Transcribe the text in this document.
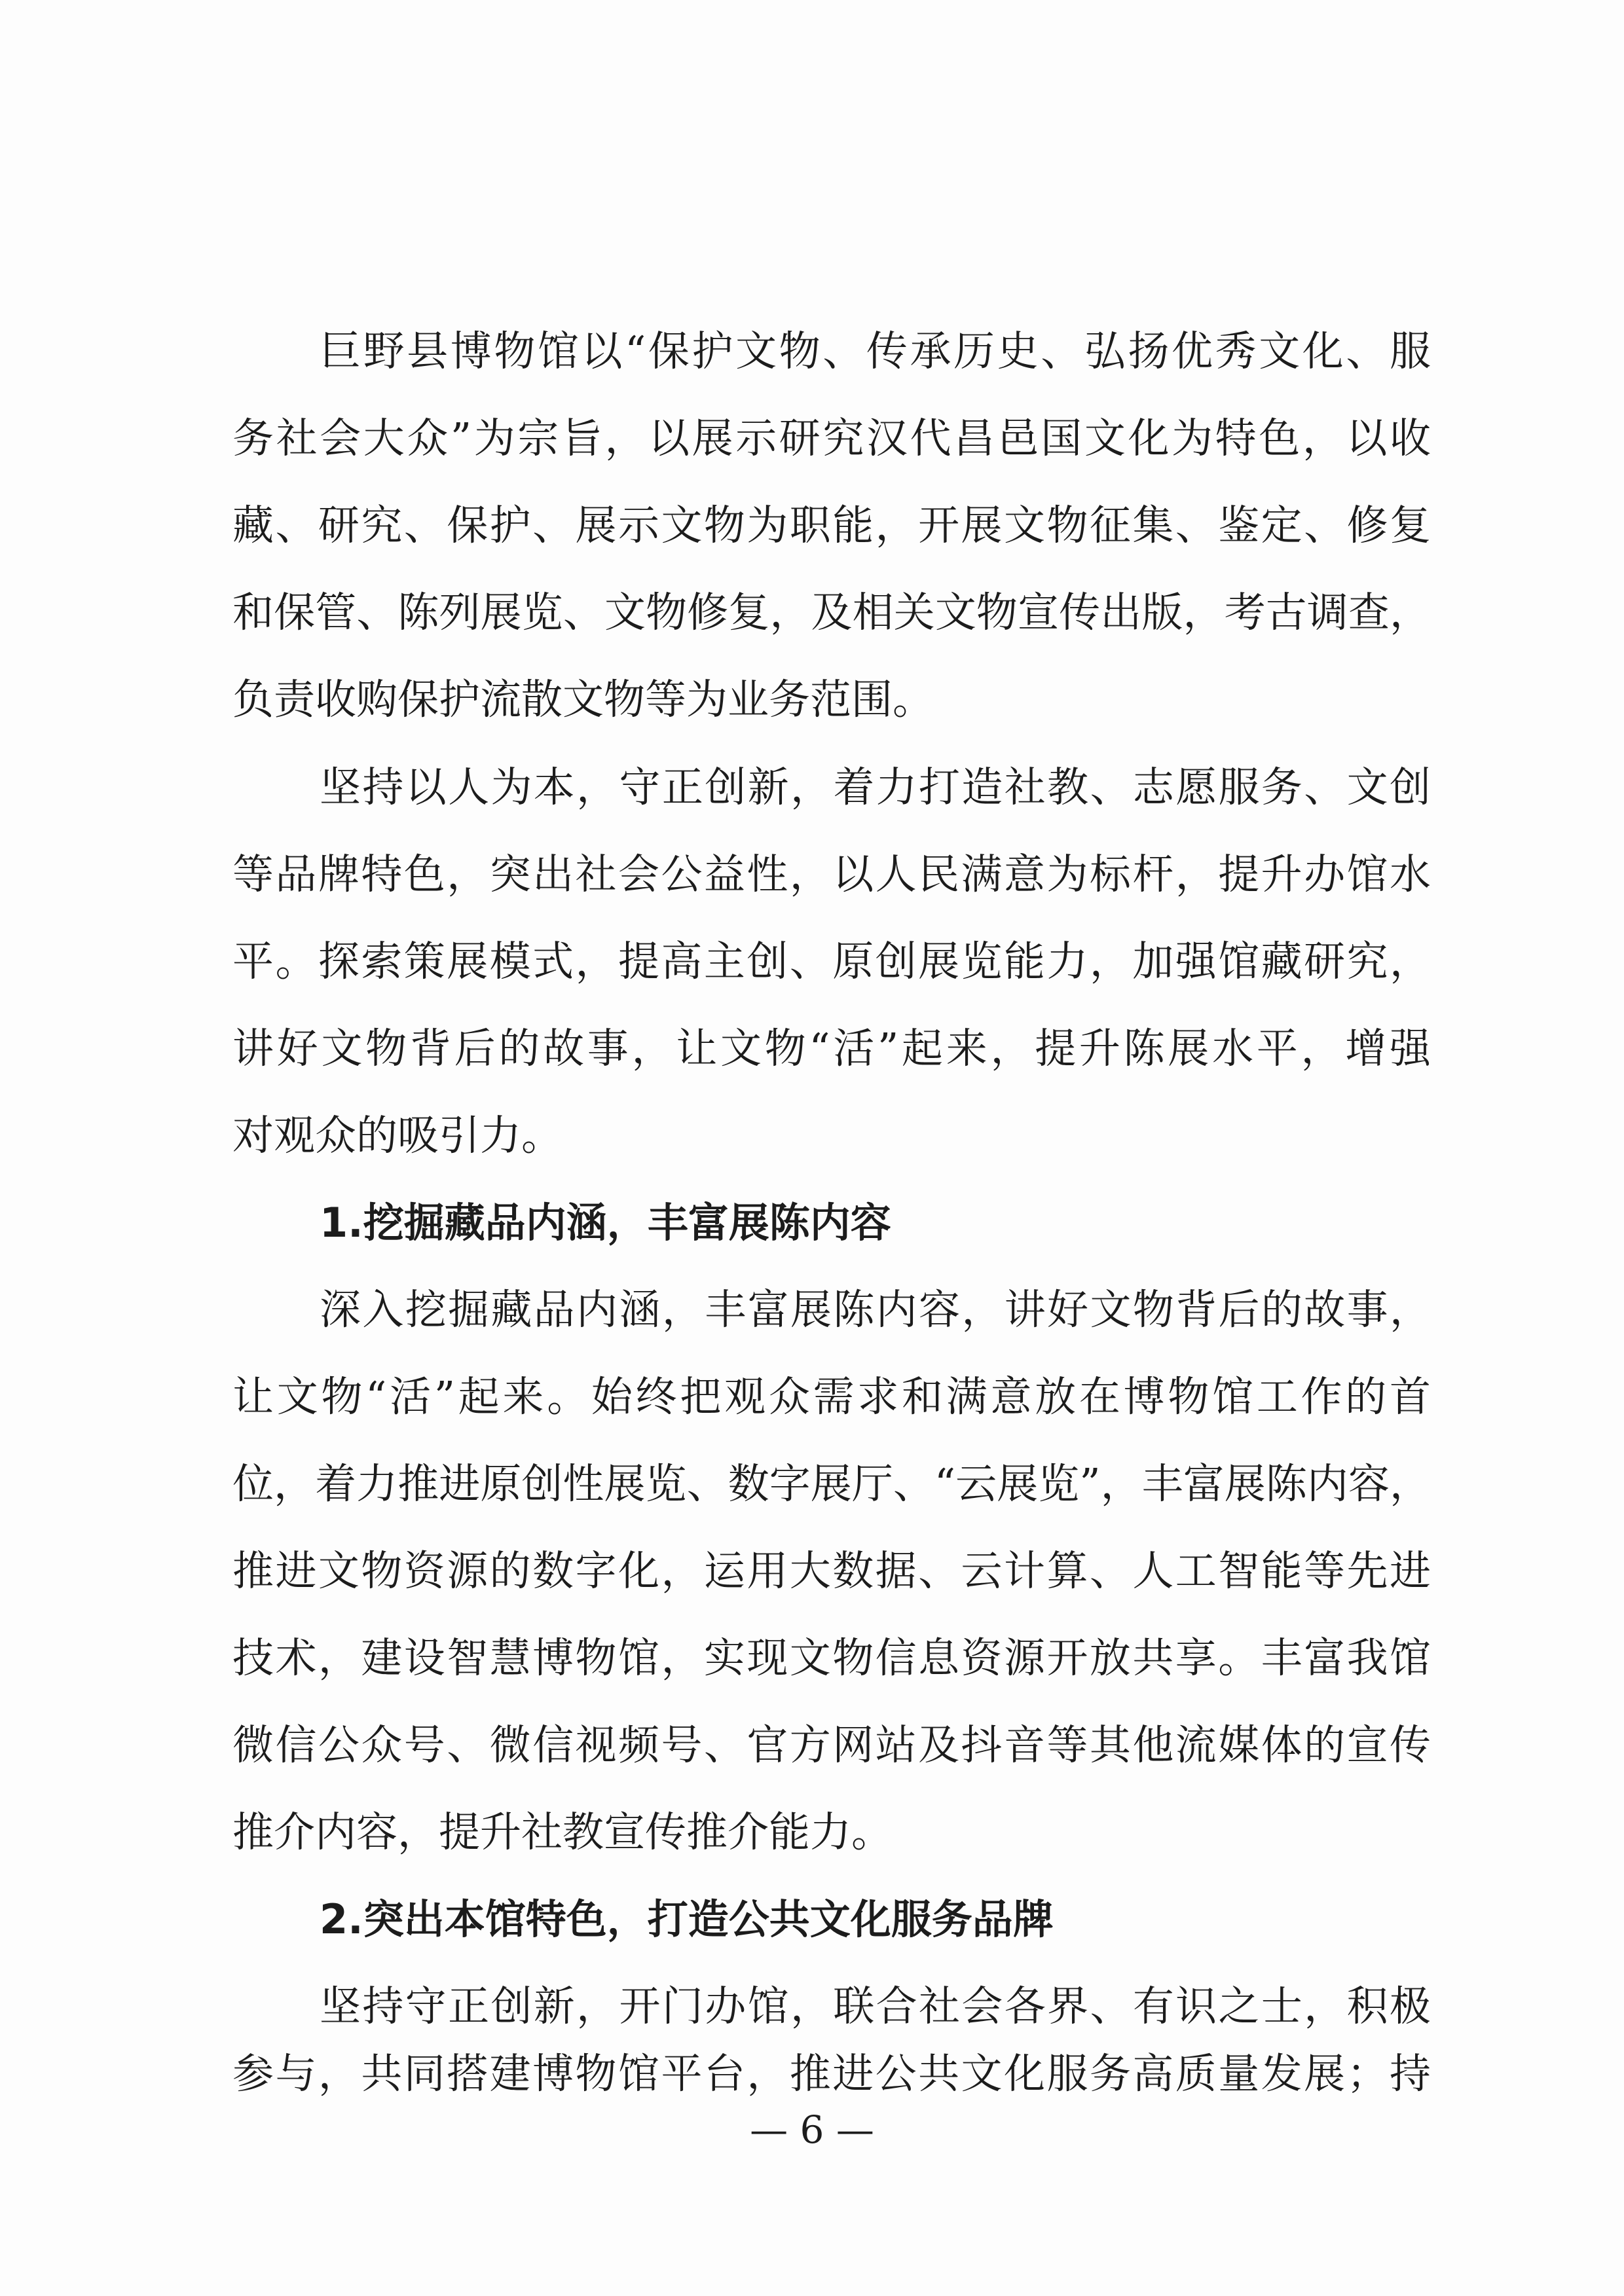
巨野县博物馆以“保护文物、传承历史、弘扬优秀文化、服
务社会大众”为宗旨，以展示研究汉代昌邑国文化为特色，以收
藏、研究、保护、展示文物为职能，开展文物征集、鉴定、修复
和保管、陈列展览、文物修复，及相关文物宣传出版，考古调查，
负责收购保护流散文物等为业务范围。
坚持以人为本，守正创新，着力打造社教、志愿服务、文创
等品牌特色，突出社会公益性，以人民满意为标杆，提升办馆水
平。探索策展模式，提高主创、原创展览能力，加强馆藏研究，
讲好文物背后的故事，让文物“活”起来，提升陈展水平，增强
对观众的吸引力。
1.挖掘藏品内涵，丰富展陈内容
深入挖掘藏品内涵，丰富展陈内容，讲好文物背后的故事，
让文物“活”起来。始终把观众需求和满意放在博物馆工作的首
位，着力推进原创性展览、数字展厅、“云展览”，丰富展陈内容，
推进文物资源的数字化，运用大数据、云计算、人工智能等先进
技术，建设智慧博物馆，实现文物信息资源开放共享。丰富我馆
微信公众号、微信视频号、官方网站及抖音等其他流媒体的宣传
推介内容，提升社教宣传推介能力。
2.突出本馆特色，打造公共文化服务品牌
坚持守正创新，开门办馆，联合社会各界、有识之士，积极
参与，共同搭建博物馆平台，推进公共文化服务高质量发展；持
— 6 —
